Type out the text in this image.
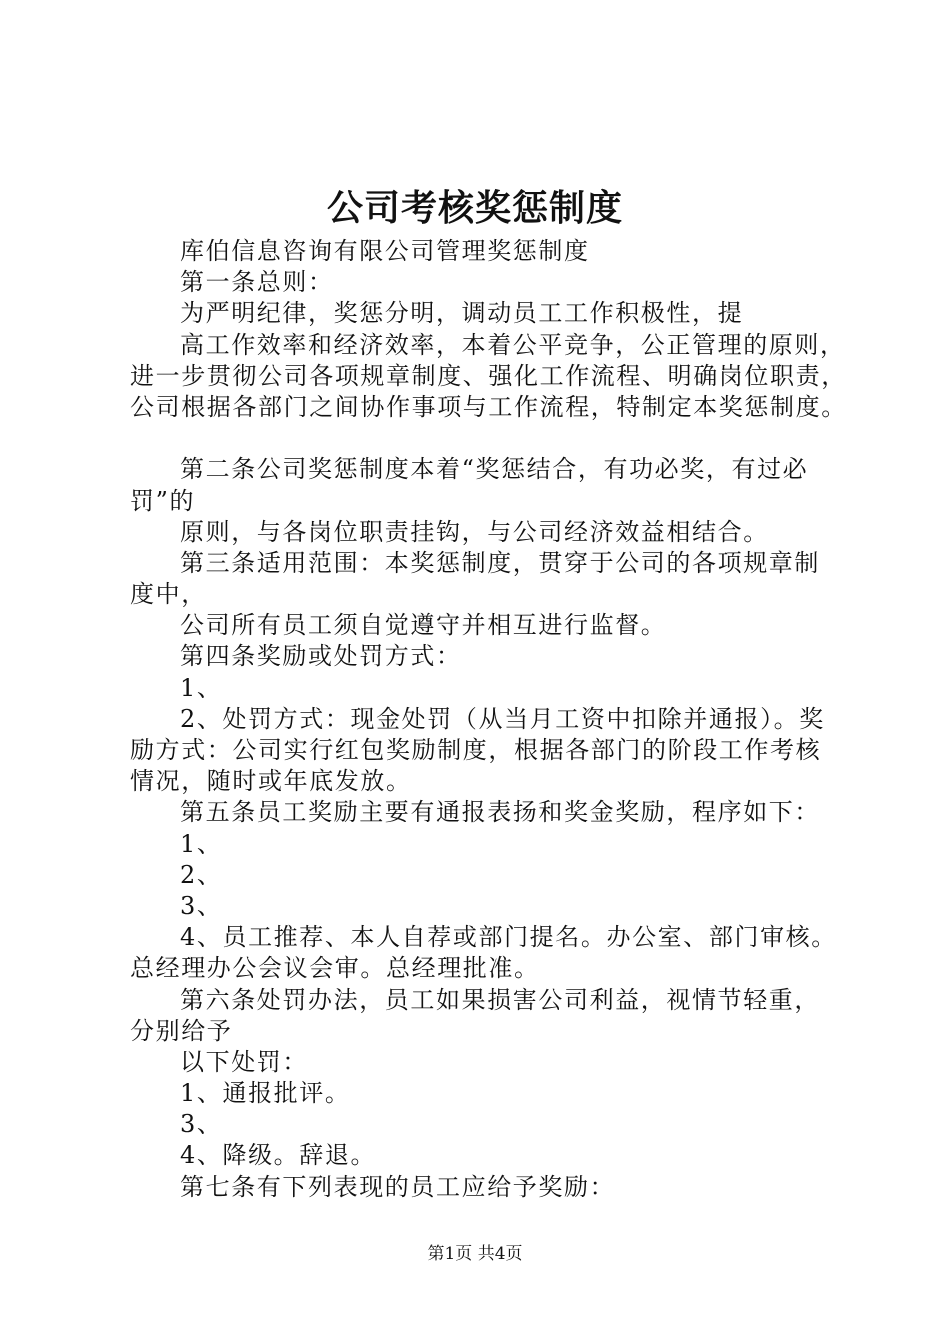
公司考核奖惩制度
库伯信息咨询有限公司管理奖惩制度
第一条总则：
为严明纪律，奖惩分明，调动员工工作积极性，提
高工作效率和经济效率，本着公平竞争，公正管理的原则，
进一步贯彻公司各项规章制度、强化工作流程、明确岗位职责，
公司根据各部门之间协作事项与工作流程，特制定本奖惩制度。
第二条公司奖惩制度本着“奖惩结合，有功必奖，有过必
罚”的
原则，与各岗位职责挂钩，与公司经济效益相结合。
第三条适用范围：本奖惩制度，贯穿于公司的各项规章制
度中，
公司所有员工须自觉遵守并相互进行监督。
第四条奖励或处罚方式：
1、
2、处罚方式：现金处罚（从当月工资中扣除并通报）。奖
励方式：公司实行红包奖励制度，根据各部门的阶段工作考核
情况，随时或年底发放。
第五条员工奖励主要有通报表扬和奖金奖励，程序如下：
1、
2、
3、
4、员工推荐、本人自荐或部门提名。办公室、部门审核。
总经理办公会议会审。总经理批准。
第六条处罚办法，员工如果损害公司利益，视情节轻重，
分别给予
以下处罚：
1、通报批评。
3、
4、降级。辞退。
第七条有下列表现的员工应给予奖励：
第1页 共4页
